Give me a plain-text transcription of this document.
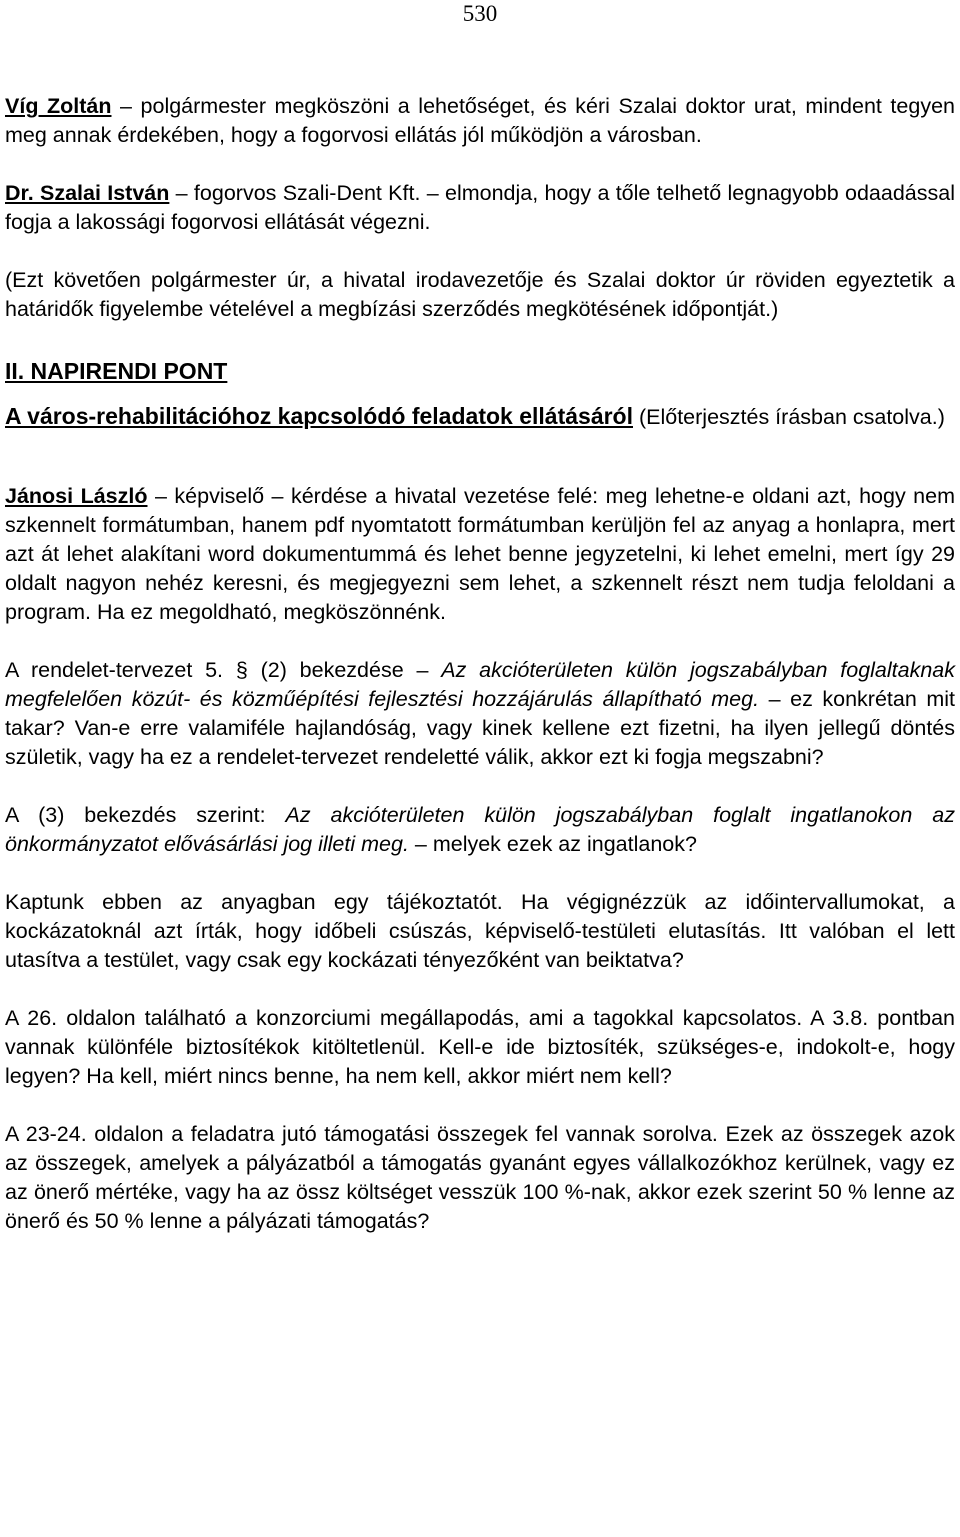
530

Víg Zoltán – polgármester megköszöni a lehetőséget, és kéri Szalai doktor urat, mindent tegyen meg annak érdekében, hogy a fogorvosi ellátás jól működjön a városban.

Dr. Szalai István – fogorvos Szali-Dent Kft. – elmondja, hogy a tőle telhető legnagyobb odaadással fogja a lakossági fogorvosi ellátását végezni.

(Ezt követően polgármester úr, a hivatal irodavezetője és Szalai doktor úr röviden egyeztetik a határidők figyelembe vételével a megbízási szerződés megkötésének időpontját.)

II. NAPIRENDI PONT

A város-rehabilitációhoz kapcsolódó feladatok ellátásáról (Előterjesztés írásban csatolva.)

Jánosi László – képviselő – kérdése a hivatal vezetése felé: meg lehetne-e oldani azt, hogy nem szkennelt formátumban, hanem pdf nyomtatott formátumban kerüljön fel az anyag a honlapra, mert azt át lehet alakítani word dokumentummá és lehet benne jegyzetelni, ki lehet emelni, mert így 29 oldalt nagyon nehéz keresni, és megjegyezni sem lehet, a szkennelt részt nem tudja feloldani a program. Ha ez megoldható, megköszönnénk.

A rendelet-tervezet 5. § (2) bekezdése – Az akcióterületen külön jogszabályban foglaltaknak megfelelően közút- és közműépítési fejlesztési hozzájárulás állapítható meg. – ez konkrétan mit takar? Van-e erre valamiféle hajlandóság, vagy kinek kellene ezt fizetni, ha ilyen jellegű döntés születik, vagy ha ez a rendelet-tervezet rendeletté válik, akkor ezt ki fogja megszabni?

A (3) bekezdés szerint: Az akcióterületen külön jogszabályban foglalt ingatlanokon az önkormányzatot elővásárlási jog illeti meg. – melyek ezek az ingatlanok?

Kaptunk ebben az anyagban egy tájékoztatót. Ha végignézzük az időintervallumokat, a kockázatoknál azt írták, hogy időbeli csúszás, képviselő-testületi elutasítás. Itt valóban el lett utasítva a testület, vagy csak egy kockázati tényezőként van beiktatva?

A 26. oldalon található a konzorciumi megállapodás, ami a tagokkal kapcsolatos. A 3.8. pontban vannak különféle biztosítékok kitöltetlenül. Kell-e ide biztosíték, szükséges-e, indokolt-e, hogy legyen? Ha kell, miért nincs benne, ha nem kell, akkor miért nem kell?

A 23-24. oldalon a feladatra jutó támogatási összegek fel vannak sorolva. Ezek az összegek azok az összegek, amelyek a pályázatból a támogatás gyanánt egyes vállalkozókhoz kerülnek, vagy ez az önerő mértéke, vagy ha az össz költséget vesszük 100 %-nak, akkor ezek szerint 50 % lenne az önerő és 50 % lenne a pályázati támogatás?
